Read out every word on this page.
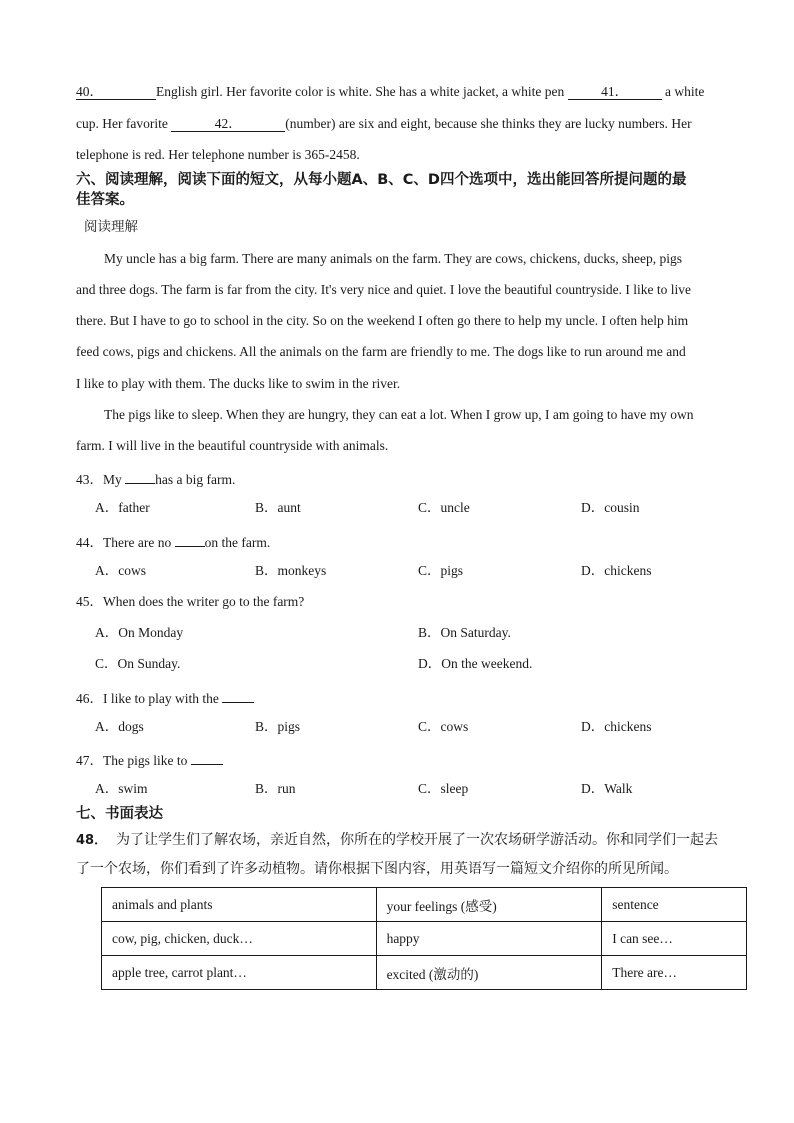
40．	English girl. Her favorite color is white. She has a white jacket, a white pen	41．	a white
cup. Her favorite	42．	(number) are six and eight, because she thinks they are lucky numbers. Her
telephone is red. Her telephone number is 365-2458.
六、阅读理解，阅读下面的短文，从每小题A、B、C、D四个选项中，选出能回答所提问题的最
佳答案。
阅读理解
My uncle has a big farm. There are many animals on the farm. They are cows, chickens, ducks, sheep, pigs
and three dogs. The farm is far from the city. It's very nice and quiet. I love the beautiful countryside. I like to live
there. But I have to go to school in the city. So on the weekend I often go there to help my uncle. I often help him
feed cows, pigs and chickens. All the animals on the farm are friendly to me. The dogs like to run around me and
I like to play with them. The ducks like to swim in the river.
The pigs like to sleep. When they are hungry, they can eat a lot. When I grow up, I am going to have my own
farm. I will live in the beautiful countryside with animals.
43．My has a big farm.
A．father	B．aunt	C．uncle	D．cousin
44．There are no on the farm.
A．cows	B．monkeys	C．pigs	D．chickens
45．When does the writer go to the farm?
A．On Monday	B．On Saturday.
C．On Sunday.	D．On the weekend.
46．I like to play with the
A．dogs	B．pigs	C．cows	D．chickens
47．The pigs like to
A．swim	B．run	C．sleep	D．Walk
七、书面表达
48． 为了让学生们了解农场，亲近自然，你所在的学校开展了一次农场研学游活动。你和同学们一起去
了一个农场，你们看到了许多动植物。请你根据下图内容，用英语写一篇短文介绍你的所见所闻。
animals and plants	your feelings (感受)	sentence
cow, pig, chicken, duck…	happy	I can see…
apple tree, carrot plant…	excited (激动的)	There are…
